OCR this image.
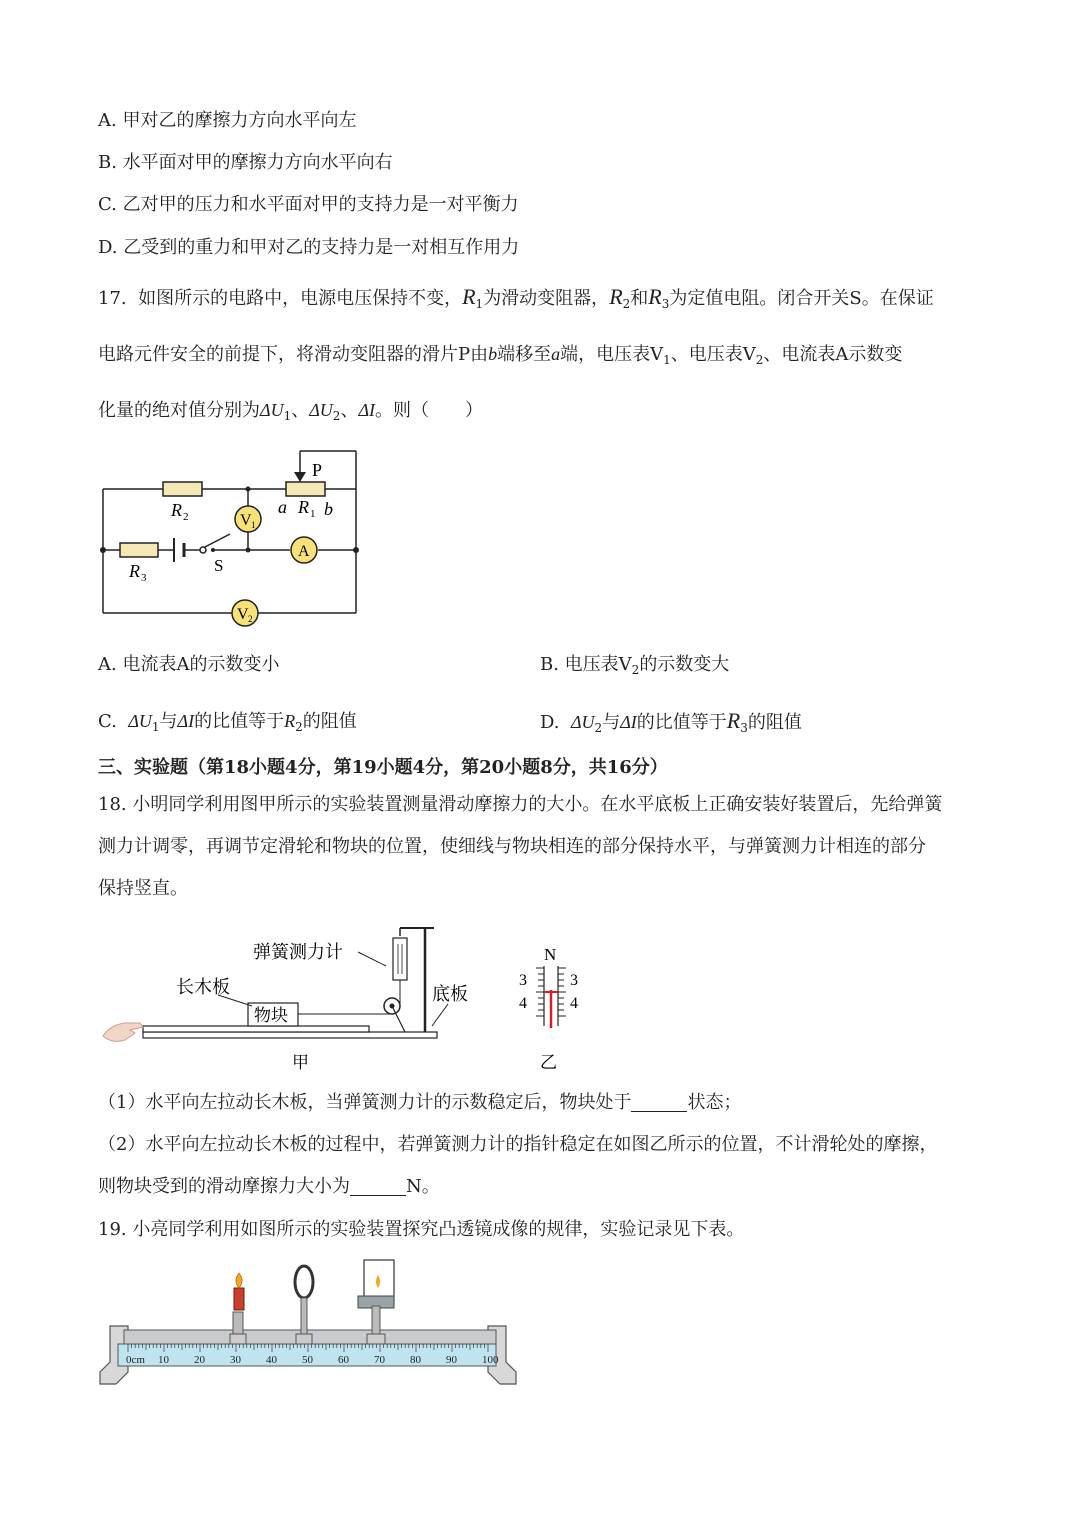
A. 甲对乙的摩擦力方向水平向左
B. 水平面对甲的摩擦力方向水平向右
C. 乙对甲的压力和水平面对甲的支持力是一对平衡力
D. 乙受到的重力和甲对乙的支持力是一对相互作用力
17. 如图所示的电路中，电源电压保持不变，$R_1$为滑动变阻器，$R_2$和$R_3$为定值电阻。闭合开关S。在保证
电路元件安全的前提下，将滑动变阻器的滑片P由b端移至a端，电压表$V_1$、电压表$V_2$、电流表A示数变
化量的绝对值分别为$\Delta U_1$、$\Delta U_2$、ΔI。则（　　）
P
R 2	a R 1 b
R 3
S
V 1
A
V 2
A. 电流表A的示数变小	B. 电压表$V_2$的示数变大
C. $\Delta U_1$与ΔI的比值等于$R_2$的阻值	D. $\Delta U_2$与ΔI的比值等于$R_3$的阻值
三、实验题（第18小题4分，第19小题4分，第20小题8分，共16分）
18. 小明同学利用图甲所示的实验装置测量滑动摩擦力的大小。在水平底板上正确安装好装置后，先给弹簧
测力计调零，再调节定滑轮和物块的位置，使细线与物块相连的部分保持水平，与弹簧测力计相连的部分
保持竖直。
弹簧测力计
长木板	底板
物块
甲
N
3	3
4	4
乙
（1）水平向左拉动长木板，当弹簧测力计的示数稳定后，物块处于	状态；
（2）水平向左拉动长木板的过程中，若弹簧测力计的指针稳定在如图乙所示的位置，不计滑轮处的摩擦，
则物块受到的滑动摩擦力大小为	N。
19. 小亮同学利用如图所示的实验装置探究凸透镜成像的规律，实验记录见下表。
0cm 10 20 30 40 50 60 70 80 90 100
